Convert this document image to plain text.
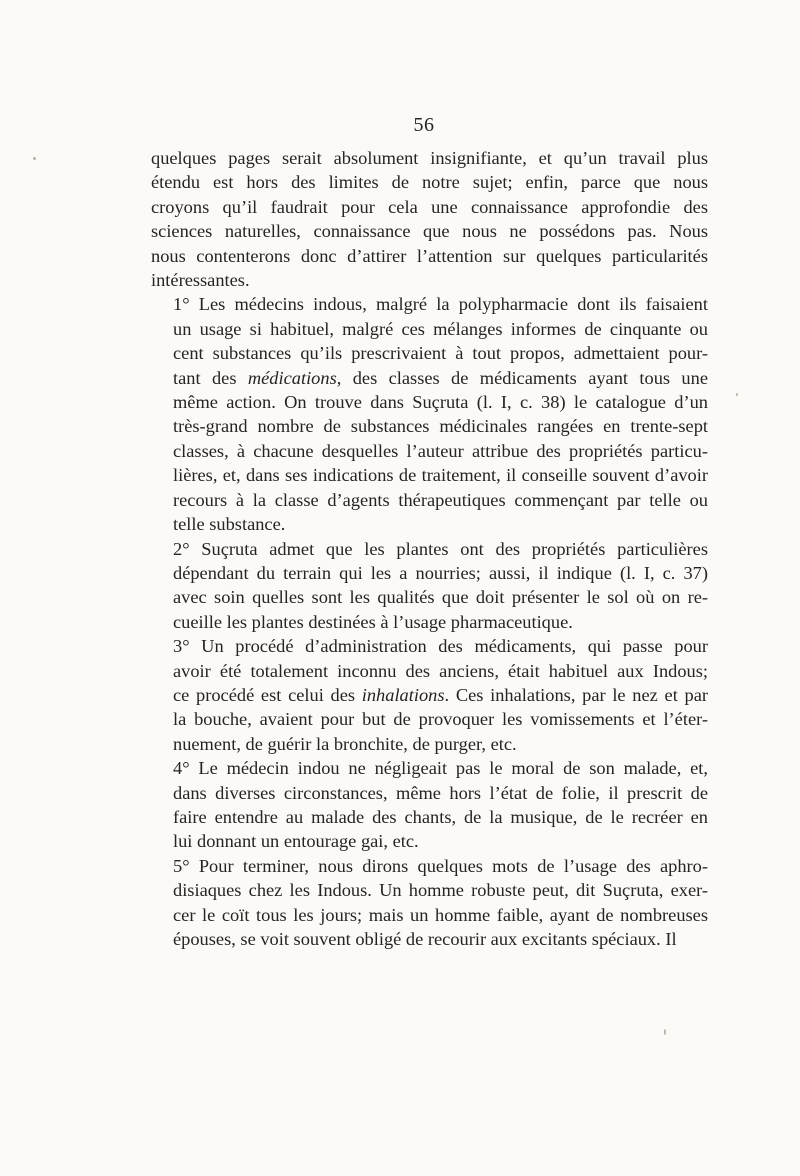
56

quelques pages serait absolument insignifiante, et qu’un travail plus
étendu est hors des limites de notre sujet; enfin, parce que nous
croyons qu’il faudrait pour cela une connaissance approfondie des
sciences naturelles, connaissance que nous ne possédons pas. Nous
nous contenterons donc d’attirer l’attention sur quelques particularités
intéressantes.

1° Les médecins indous, malgré la polypharmacie dont ils faisaient
un usage si habituel, malgré ces mélanges informes de cinquante ou
cent substances qu’ils prescrivaient à tout propos, admettaient pour-
tant des médications, des classes de médicaments ayant tous une
même action. On trouve dans Suçruta (l. I, c. 38) le catalogue d’un
très-grand nombre de substances médicinales rangées en trente-sept
classes, à chacune desquelles l’auteur attribue des propriétés particu-
lières, et, dans ses indications de traitement, il conseille souvent d’avoir
recours à la classe d’agents thérapeutiques commençant par telle ou
telle substance.

2° Suçruta admet que les plantes ont des propriétés particulières
dépendant du terrain qui les a nourries; aussi, il indique (l. I, c. 37)
avec soin quelles sont les qualités que doit présenter le sol où on re-
cueille les plantes destinées à l’usage pharmaceutique.

3° Un procédé d’administration des médicaments, qui passe pour
avoir été totalement inconnu des anciens, était habituel aux Indous;
ce procédé est celui des inhalations. Ces inhalations, par le nez et par
la bouche, avaient pour but de provoquer les vomissements et l’éter-
nuement, de guérir la bronchite, de purger, etc.

4° Le médecin indou ne négligeait pas le moral de son malade, et,
dans diverses circonstances, même hors l’état de folie, il prescrit de
faire entendre au malade des chants, de la musique, de le recréer en
lui donnant un entourage gai, etc.

5° Pour terminer, nous dirons quelques mots de l’usage des aphro-
disiaques chez les Indous. Un homme robuste peut, dit Suçruta, exer-
cer le coït tous les jours; mais un homme faible, ayant de nombreuses
épouses, se voit souvent obligé de recourir aux excitants spéciaux. Il
